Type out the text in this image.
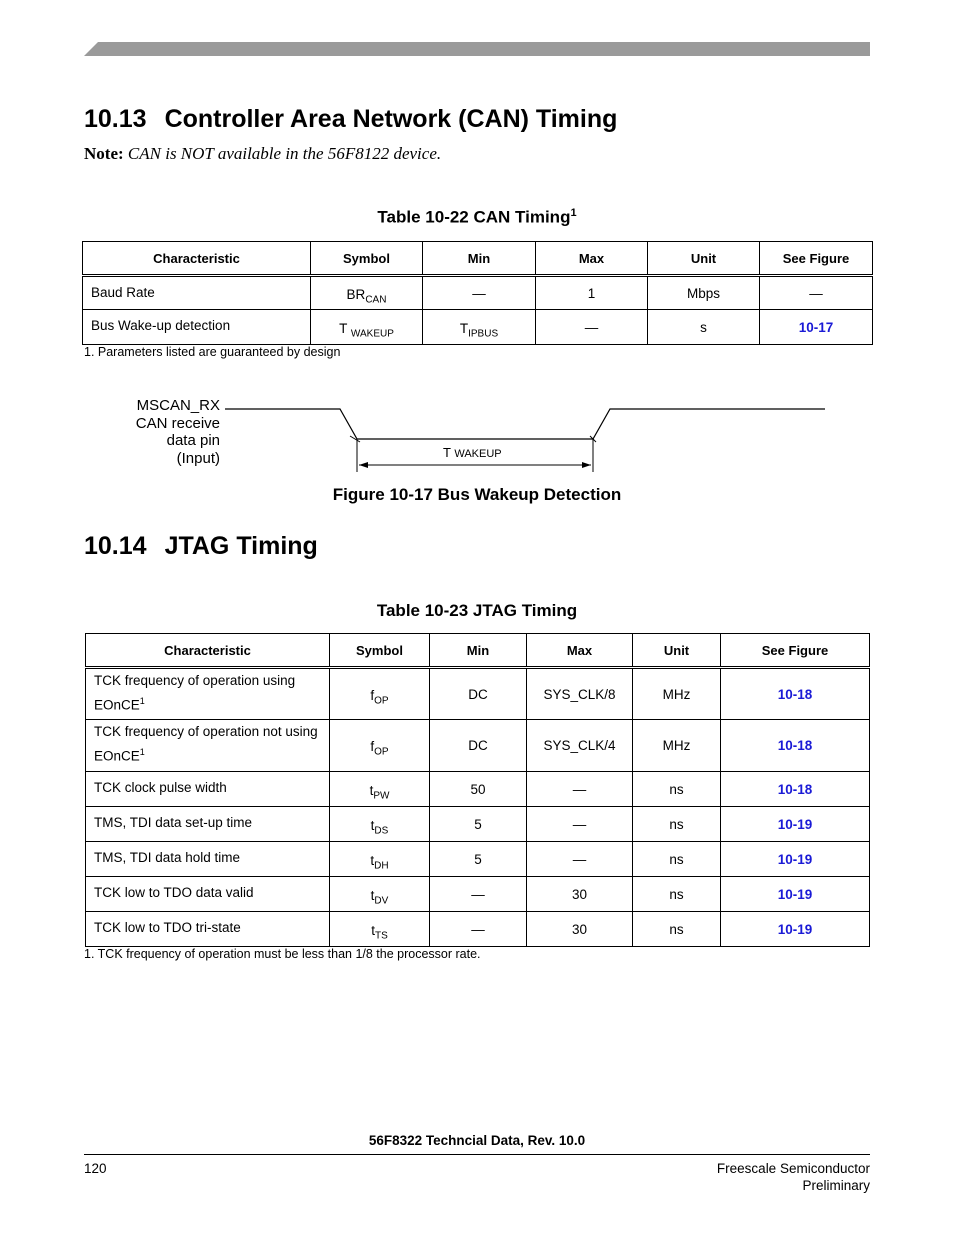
10.13 Controller Area Network (CAN) Timing
Note: CAN is NOT available in the 56F8122 device.
Table 10-22 CAN Timing$^1$
Characteristic	Symbol	Min	Max	Unit	See Figure
Baud Rate	$BR_{CAN}$	—	1	Mbps	—
Bus Wake-up detection	T $_{WAKEUP}$	$T_{IPBUS}$	—	s	10-17
1. Parameters listed are guaranteed by design
MSCAN_RX
CAN receive
data pin
(Input)	T WAKEUP
Figure 10-17 Bus Wakeup Detection
10.14 JTAG Timing
Table 10-23 JTAG Timing
Characteristic	Symbol	Min	Max	Unit	See Figure
TCK frequency of operation using EOnCE$^1$	$f_{OP}$	DC	SYS_CLK/8	MHz	10-18
TCK frequency of operation not using EOnCE$^1$	$f_{OP}$	DC	SYS_CLK/4	MHz	10-18
TCK clock pulse width	$t_{PW}$	50	—	ns	10-18
TMS, TDI data set-up time	$t_{DS}$	5	—	ns	10-19
TMS, TDI data hold time	$t_{DH}$	5	—	ns	10-19
TCK low to TDO data valid	$t_{DV}$	—	30	ns	10-19
TCK low to TDO tri-state	$t_{TS}$	—	30	ns	10-19
1. TCK frequency of operation must be less than 1/8 the processor rate.
56F8322 Techncial Data, Rev. 10.0
120	Freescale Semiconductor
Preliminary
